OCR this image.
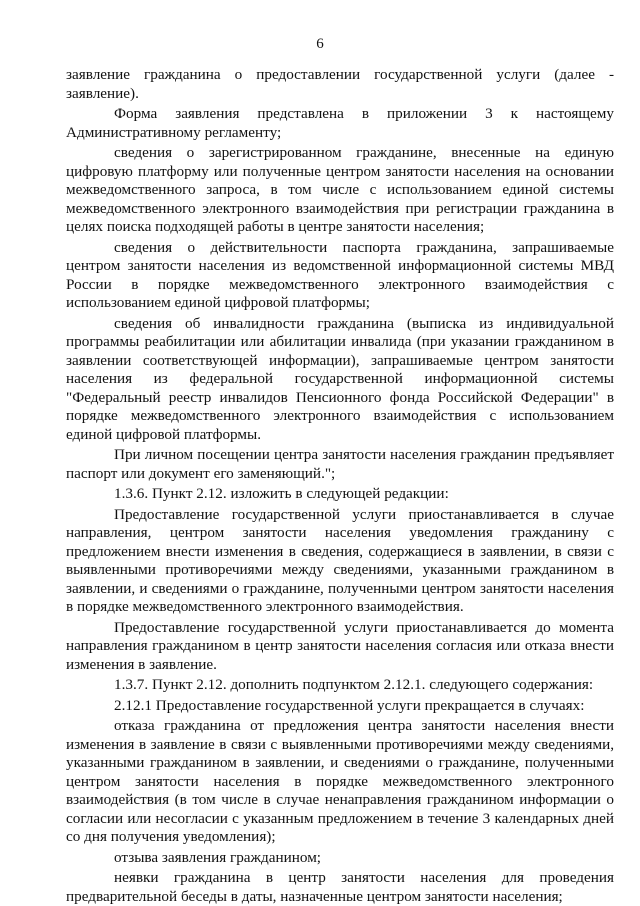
6

заявление гражданина о предоставлении государственной услуги (далее - заявление).

Форма заявления представлена в приложении 3 к настоящему Административному регламенту;

сведения о зарегистрированном гражданине, внесенные на единую цифровую платформу или полученные центром занятости населения на основании межведомственного запроса, в том числе с использованием единой системы межведомственного электронного взаимодействия при регистрации гражданина в целях поиска подходящей работы в центре занятости населения;

сведения о действительности паспорта гражданина, запрашиваемые центром занятости населения из ведомственной информационной системы МВД России в порядке межведомственного электронного взаимодействия с использованием единой цифровой платформы;

сведения об инвалидности гражданина (выписка из индивидуальной программы реабилитации или абилитации инвалида (при указании гражданином в заявлении соответствующей информации), запрашиваемые центром занятости населения из федеральной государственной информационной системы "Федеральный реестр инвалидов Пенсионного фонда Российской Федерации" в порядке межведомственного электронного взаимодействия с использованием единой цифровой платформы.

При личном посещении центра занятости населения гражданин предъявляет паспорт или документ его заменяющий.";

1.3.6. Пункт 2.12. изложить в следующей редакции:

Предоставление государственной услуги приостанавливается в случае направления, центром занятости населения уведомления гражданину с предложением внести изменения в сведения, содержащиеся в заявлении, в связи с выявленными противоречиями между сведениями, указанными гражданином в заявлении, и сведениями о гражданине, полученными центром занятости населения в порядке межведомственного электронного взаимодействия.

Предоставление государственной услуги приостанавливается до момента направления гражданином в центр занятости населения согласия или отказа внести изменения в заявление.

1.3.7. Пункт 2.12. дополнить подпунктом 2.12.1. следующего содержания:

2.12.1 Предоставление государственной услуги прекращается в случаях:

отказа гражданина от предложения центра занятости населения внести изменения в заявление в связи с выявленными противоречиями между сведениями, указанными гражданином в заявлении, и сведениями о гражданине, полученными центром занятости населения в порядке межведомственного электронного взаимодействия (в том числе в случае ненаправления гражданином информации о согласии или несогласии с указанным предложением в течение 3 календарных дней со дня получения уведомления);

отзыва заявления гражданином;

неявки гражданина в центр занятости населения для проведения предварительной беседы в даты, назначенные центром занятости населения;
